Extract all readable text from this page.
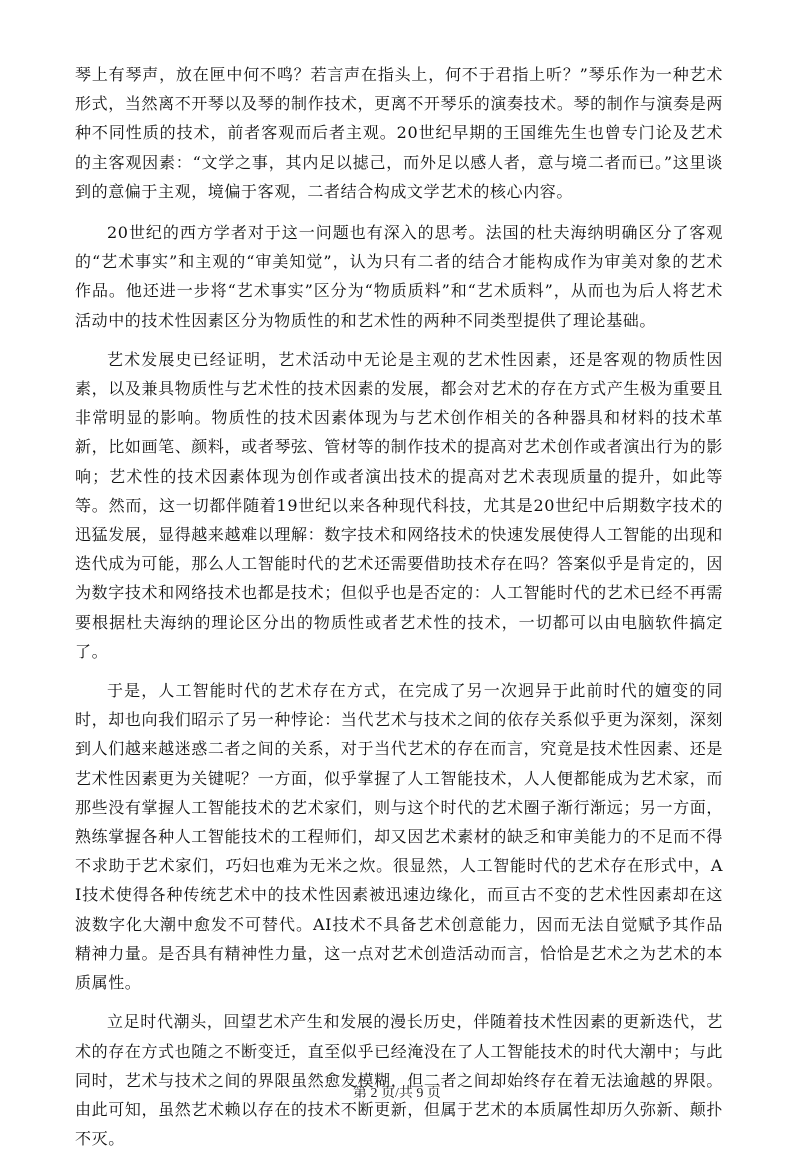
琴上有琴声，放在匣中何不鸣？若言声在指头上，何不于君指上听？”琴乐作为一种艺术形式，当然离不开琴以及琴的制作技术，更离不开琴乐的演奏技术。琴的制作与演奏是两种不同性质的技术，前者客观而后者主观。20世纪早期的王国维先生也曾专门论及艺术的主客观因素：“文学之事，其内足以摅己，而外足以感人者，意与境二者而已。”这里谈到的意偏于主观，境偏于客观，二者结合构成文学艺术的核心内容。

20世纪的西方学者对于这一问题也有深入的思考。法国的杜夫海纳明确区分了客观的“艺术事实”和主观的“审美知觉”，认为只有二者的结合才能构成作为审美对象的艺术作品。他还进一步将“艺术事实”区分为“物质质料”和“艺术质料”，从而也为后人将艺术活动中的技术性因素区分为物质性的和艺术性的两种不同类型提供了理论基础。

艺术发展史已经证明，艺术活动中无论是主观的艺术性因素，还是客观的物质性因素，以及兼具物质性与艺术性的技术因素的发展，都会对艺术的存在方式产生极为重要且非常明显的影响。物质性的技术因素体现为与艺术创作相关的各种器具和材料的技术革新，比如画笔、颜料，或者琴弦、管材等的制作技术的提高对艺术创作或者演出行为的影响；艺术性的技术因素体现为创作或者演出技术的提高对艺术表现质量的提升，如此等等。然而，这一切都伴随着19世纪以来各种现代科技，尤其是20世纪中后期数字技术的迅猛发展，显得越来越难以理解：数字技术和网络技术的快速发展使得人工智能的出现和迭代成为可能，那么人工智能时代的艺术还需要借助技术存在吗？答案似乎是肯定的，因为数字技术和网络技术也都是技术；但似乎也是否定的：人工智能时代的艺术已经不再需要根据杜夫海纳的理论区分出的物质性或者艺术性的技术，一切都可以由电脑软件搞定了。

于是，人工智能时代的艺术存在方式，在完成了另一次迥异于此前时代的嬗变的同时，却也向我们昭示了另一种悖论：当代艺术与技术之间的依存关系似乎更为深刻，深刻到人们越来越迷惑二者之间的关系，对于当代艺术的存在而言，究竟是技术性因素、还是艺术性因素更为关键呢？一方面，似乎掌握了人工智能技术，人人便都能成为艺术家，而那些没有掌握人工智能技术的艺术家们，则与这个时代的艺术圈子渐行渐远；另一方面，熟练掌握各种人工智能技术的工程师们，却又因艺术素材的缺乏和审美能力的不足而不得不求助于艺术家们，巧妇也难为无米之炊。很显然，人工智能时代的艺术存在形式中，AI技术使得各种传统艺术中的技术性因素被迅速边缘化，而亘古不变的艺术性因素却在这波数字化大潮中愈发不可替代。AI技术不具备艺术创意能力，因而无法自觉赋予其作品精神力量。是否具有精神性力量，这一点对艺术创造活动而言，恰恰是艺术之为艺术的本质属性。

立足时代潮头，回望艺术产生和发展的漫长历史，伴随着技术性因素的更新迭代，艺术的存在方式也随之不断变迁，直至似乎已经淹没在了人工智能技术的时代大潮中；与此同时，艺术与技术之间的界限虽然愈发模糊，但二者之间却始终存在着无法逾越的界限。由此可知，虽然艺术赖以存在的技术不断更新，但属于艺术的本质属性却历久弥新、颠扑不灭。

第 2 页/共 9 页
